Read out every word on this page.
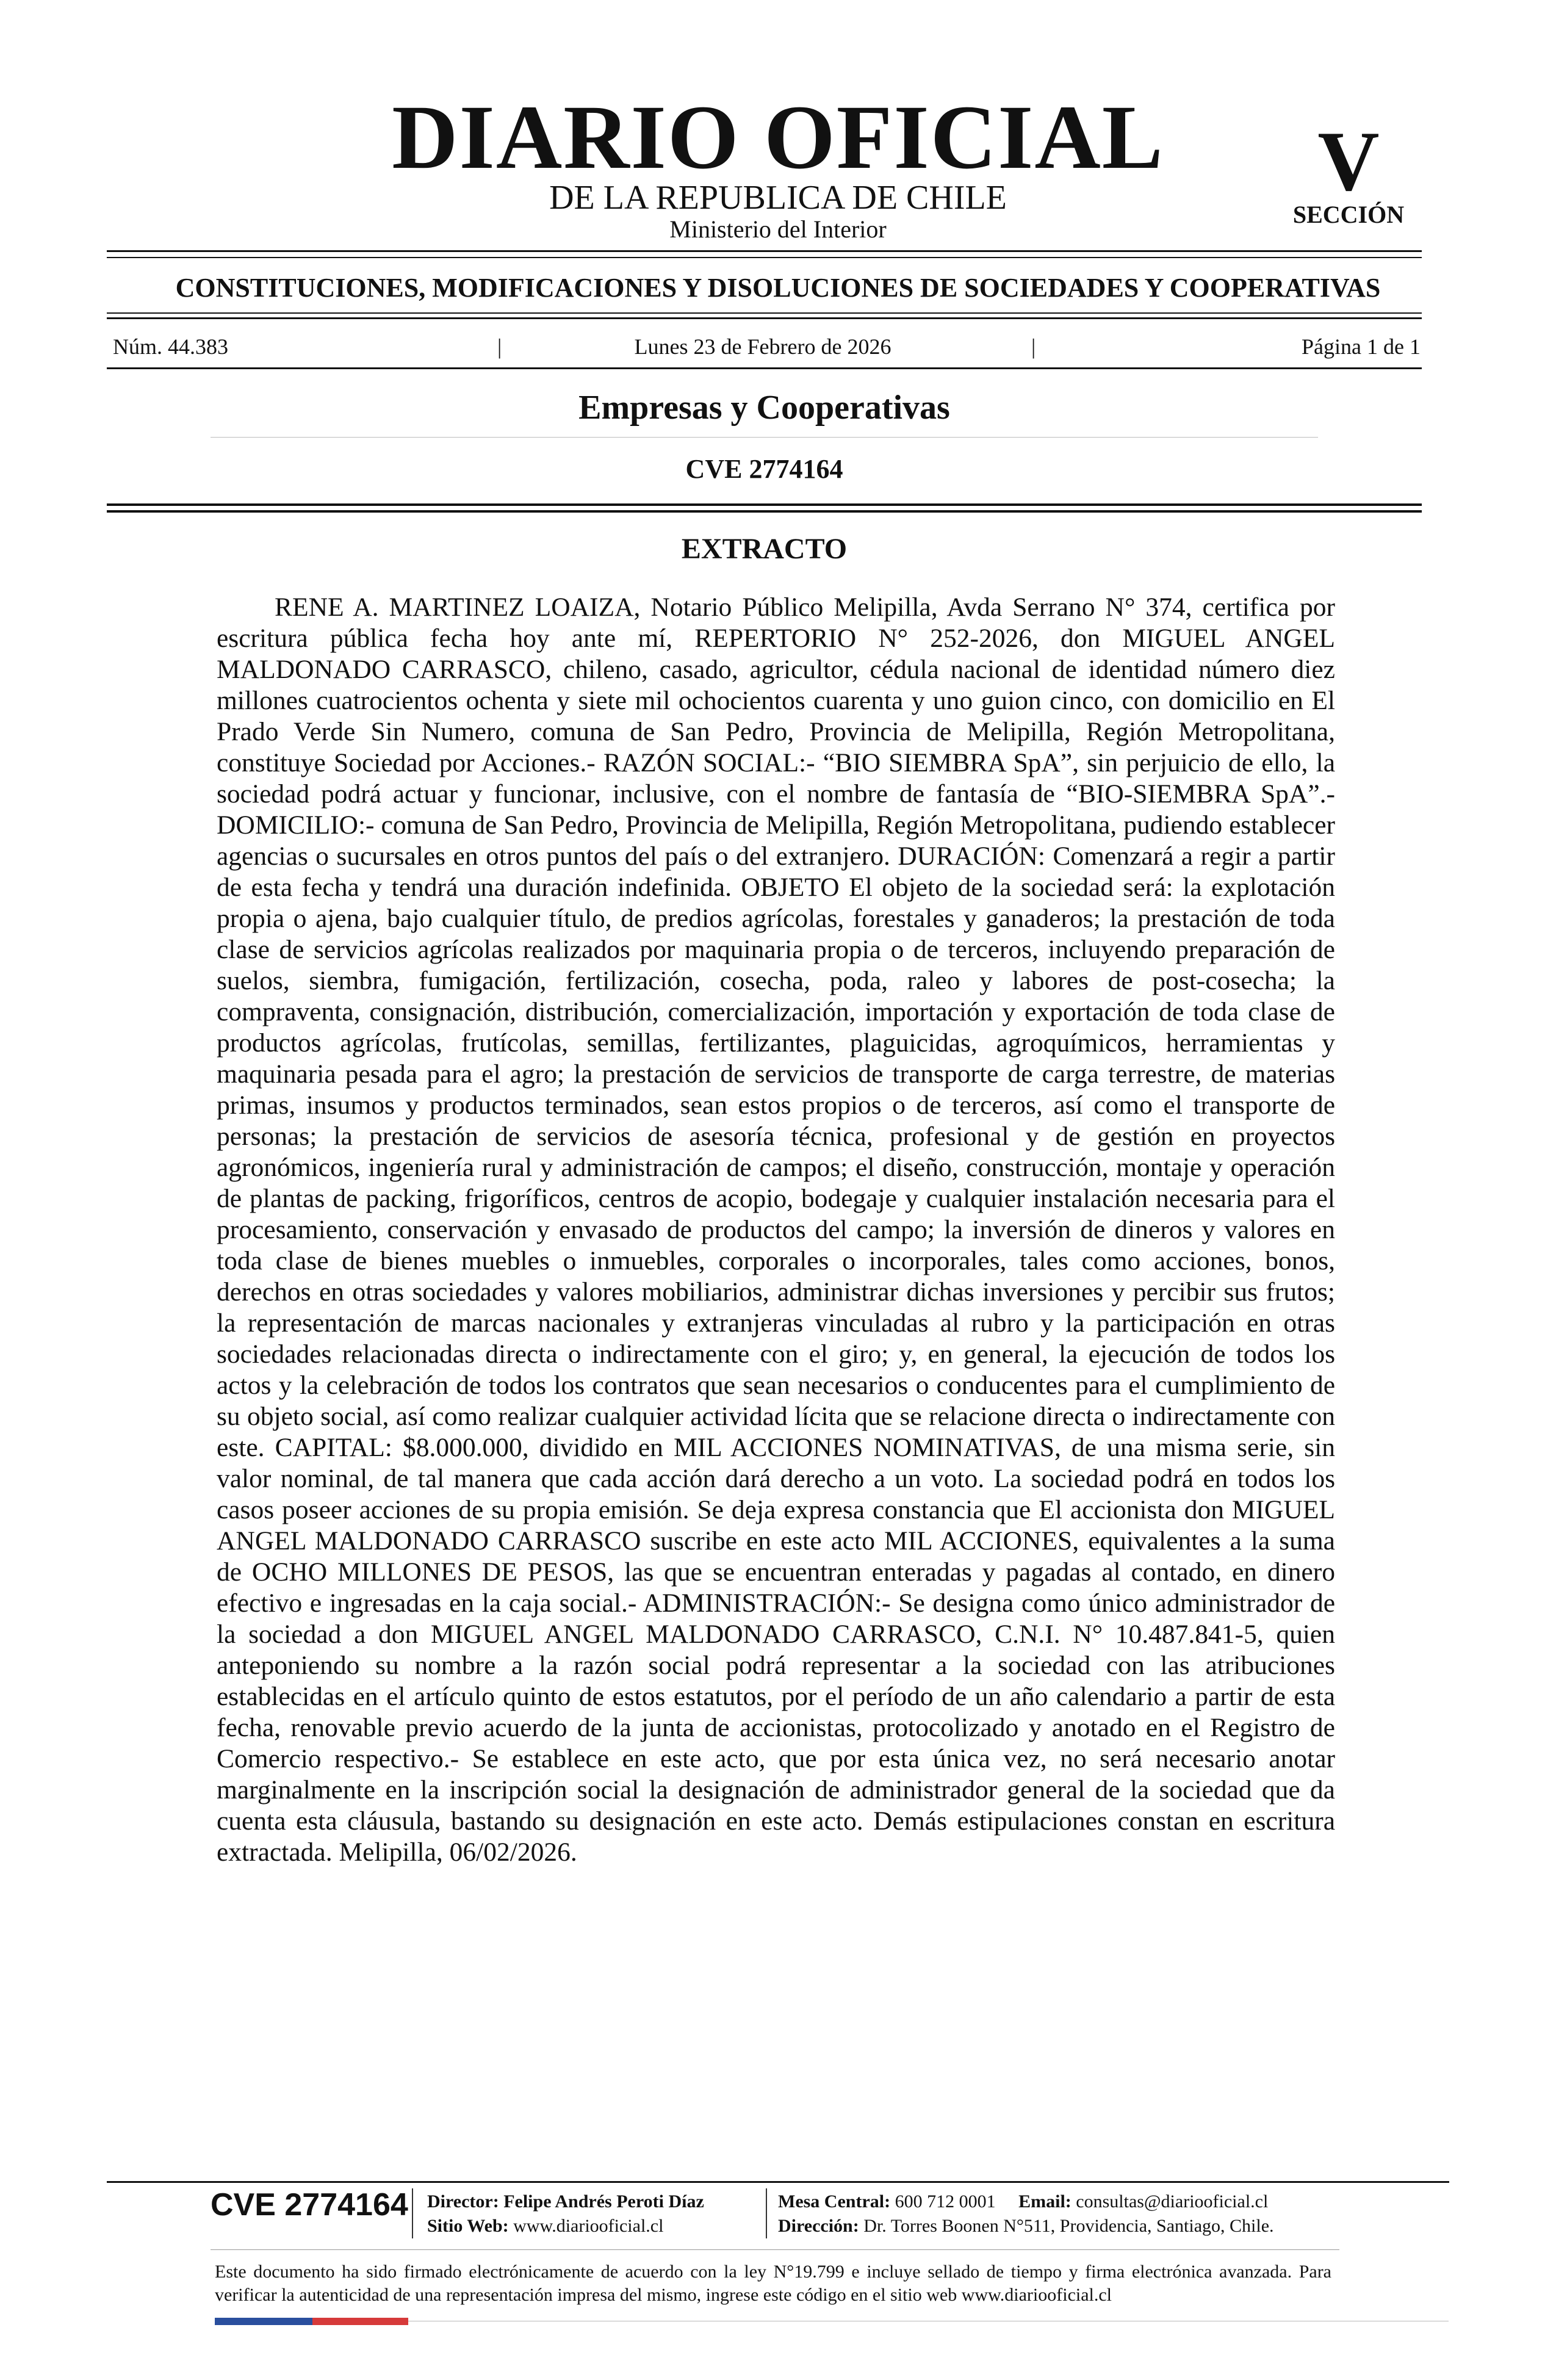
DIARIO OFICIAL
DE LA REPUBLICA DE CHILE
Ministerio del Interior
V
SECCIÓN
CONSTITUCIONES, MODIFICACIONES Y DISOLUCIONES DE SOCIEDADES Y COOPERATIVAS
Núm. 44.383	|	Lunes 23 de Febrero de 2026	|	Página 1 de 1
Empresas y Cooperativas
CVE 2774164
EXTRACTO

RENE A. MARTINEZ LOAIZA, Notario Público Melipilla, Avda Serrano N° 374, certifica por escritura pública fecha hoy ante mí, REPERTORIO N° 252-2026, don MIGUEL ANGEL MALDONADO CARRASCO, chileno, casado, agricultor, cédula nacional de identidad número diez millones cuatrocientos ochenta y siete mil ochocientos cuarenta y uno guion cinco, con domicilio en El Prado Verde Sin Numero, comuna de San Pedro, Provincia de Melipilla, Región Metropolitana, constituye Sociedad por Acciones.- RAZÓN SOCIAL:- “BIO SIEMBRA SpA”, sin perjuicio de ello, la sociedad podrá actuar y funcionar, inclusive, con el nombre de fantasía de “BIO-SIEMBRA SpA”.- DOMICILIO:- comuna de San Pedro, Provincia de Melipilla, Región Metropolitana, pudiendo establecer agencias o sucursales en otros puntos del país o del extranjero. DURACIÓN: Comenzará a regir a partir de esta fecha y tendrá una duración indefinida. OBJETO El objeto de la sociedad será: la explotación propia o ajena, bajo cualquier título, de predios agrícolas, forestales y ganaderos; la prestación de toda clase de servicios agrícolas realizados por maquinaria propia o de terceros, incluyendo preparación de suelos, siembra, fumigación, fertilización, cosecha, poda, raleo y labores de post-cosecha; la compraventa, consignación, distribución, comercialización, importación y exportación de toda clase de productos agrícolas, frutícolas, semillas, fertilizantes, plaguicidas, agroquímicos, herramientas y maquinaria pesada para el agro; la prestación de servicios de transporte de carga terrestre, de materias primas, insumos y productos terminados, sean estos propios o de terceros, así como el transporte de personas; la prestación de servicios de asesoría técnica, profesional y de gestión en proyectos agronómicos, ingeniería rural y administración de campos; el diseño, construcción, montaje y operación de plantas de packing, frigoríficos, centros de acopio, bodegaje y cualquier instalación necesaria para el procesamiento, conservación y envasado de productos del campo; la inversión de dineros y valores en toda clase de bienes muebles o inmuebles, corporales o incorporales, tales como acciones, bonos, derechos en otras sociedades y valores mobiliarios, administrar dichas inversiones y percibir sus frutos; la representación de marcas nacionales y extranjeras vinculadas al rubro y la participación en otras sociedades relacionadas directa o indirectamente con el giro; y, en general, la ejecución de todos los actos y la celebración de todos los contratos que sean necesarios o conducentes para el cumplimiento de su objeto social, así como realizar cualquier actividad lícita que se relacione directa o indirectamente con este. CAPITAL: $8.000.000, dividido en MIL ACCIONES NOMINATIVAS, de una misma serie, sin valor nominal, de tal manera que cada acción dará derecho a un voto. La sociedad podrá en todos los casos poseer acciones de su propia emisión. Se deja expresa constancia que El accionista don MIGUEL ANGEL MALDONADO CARRASCO suscribe en este acto MIL ACCIONES, equivalentes a la suma de OCHO MILLONES DE PESOS, las que se encuentran enteradas y pagadas al contado, en dinero efectivo e ingresadas en la caja social.- ADMINISTRACIÓN:- Se designa como único administrador de la sociedad a don MIGUEL ANGEL MALDONADO CARRASCO, C.N.I. N° 10.487.841-5, quien anteponiendo su nombre a la razón social podrá representar a la sociedad con las atribuciones establecidas en el artículo quinto de estos estatutos, por el período de un año calendario a partir de esta fecha, renovable previo acuerdo de la junta de accionistas, protocolizado y anotado en el Registro de Comercio respectivo.- Se establece en este acto, que por esta única vez, no será necesario anotar marginalmente en la inscripción social la designación de administrador general de la sociedad que da cuenta esta cláusula, bastando su designación en este acto. Demás estipulaciones constan en escritura extractada. Melipilla, 06/02/2026.

CVE 2774164 Director: Felipe Andrés Peroti Díaz
Sitio Web: www.diariooficial.cl
Mesa Central: 600 712 0001 Email: consultas@diariooficial.cl
Dirección: Dr. Torres Boonen N°511, Providencia, Santiago, Chile.

Este documento ha sido firmado electrónicamente de acuerdo con la ley N°19.799 e incluye sellado de tiempo y firma electrónica avanzada. Para verificar la autenticidad de una representación impresa del mismo, ingrese este código en el sitio web www.diariooficial.cl
